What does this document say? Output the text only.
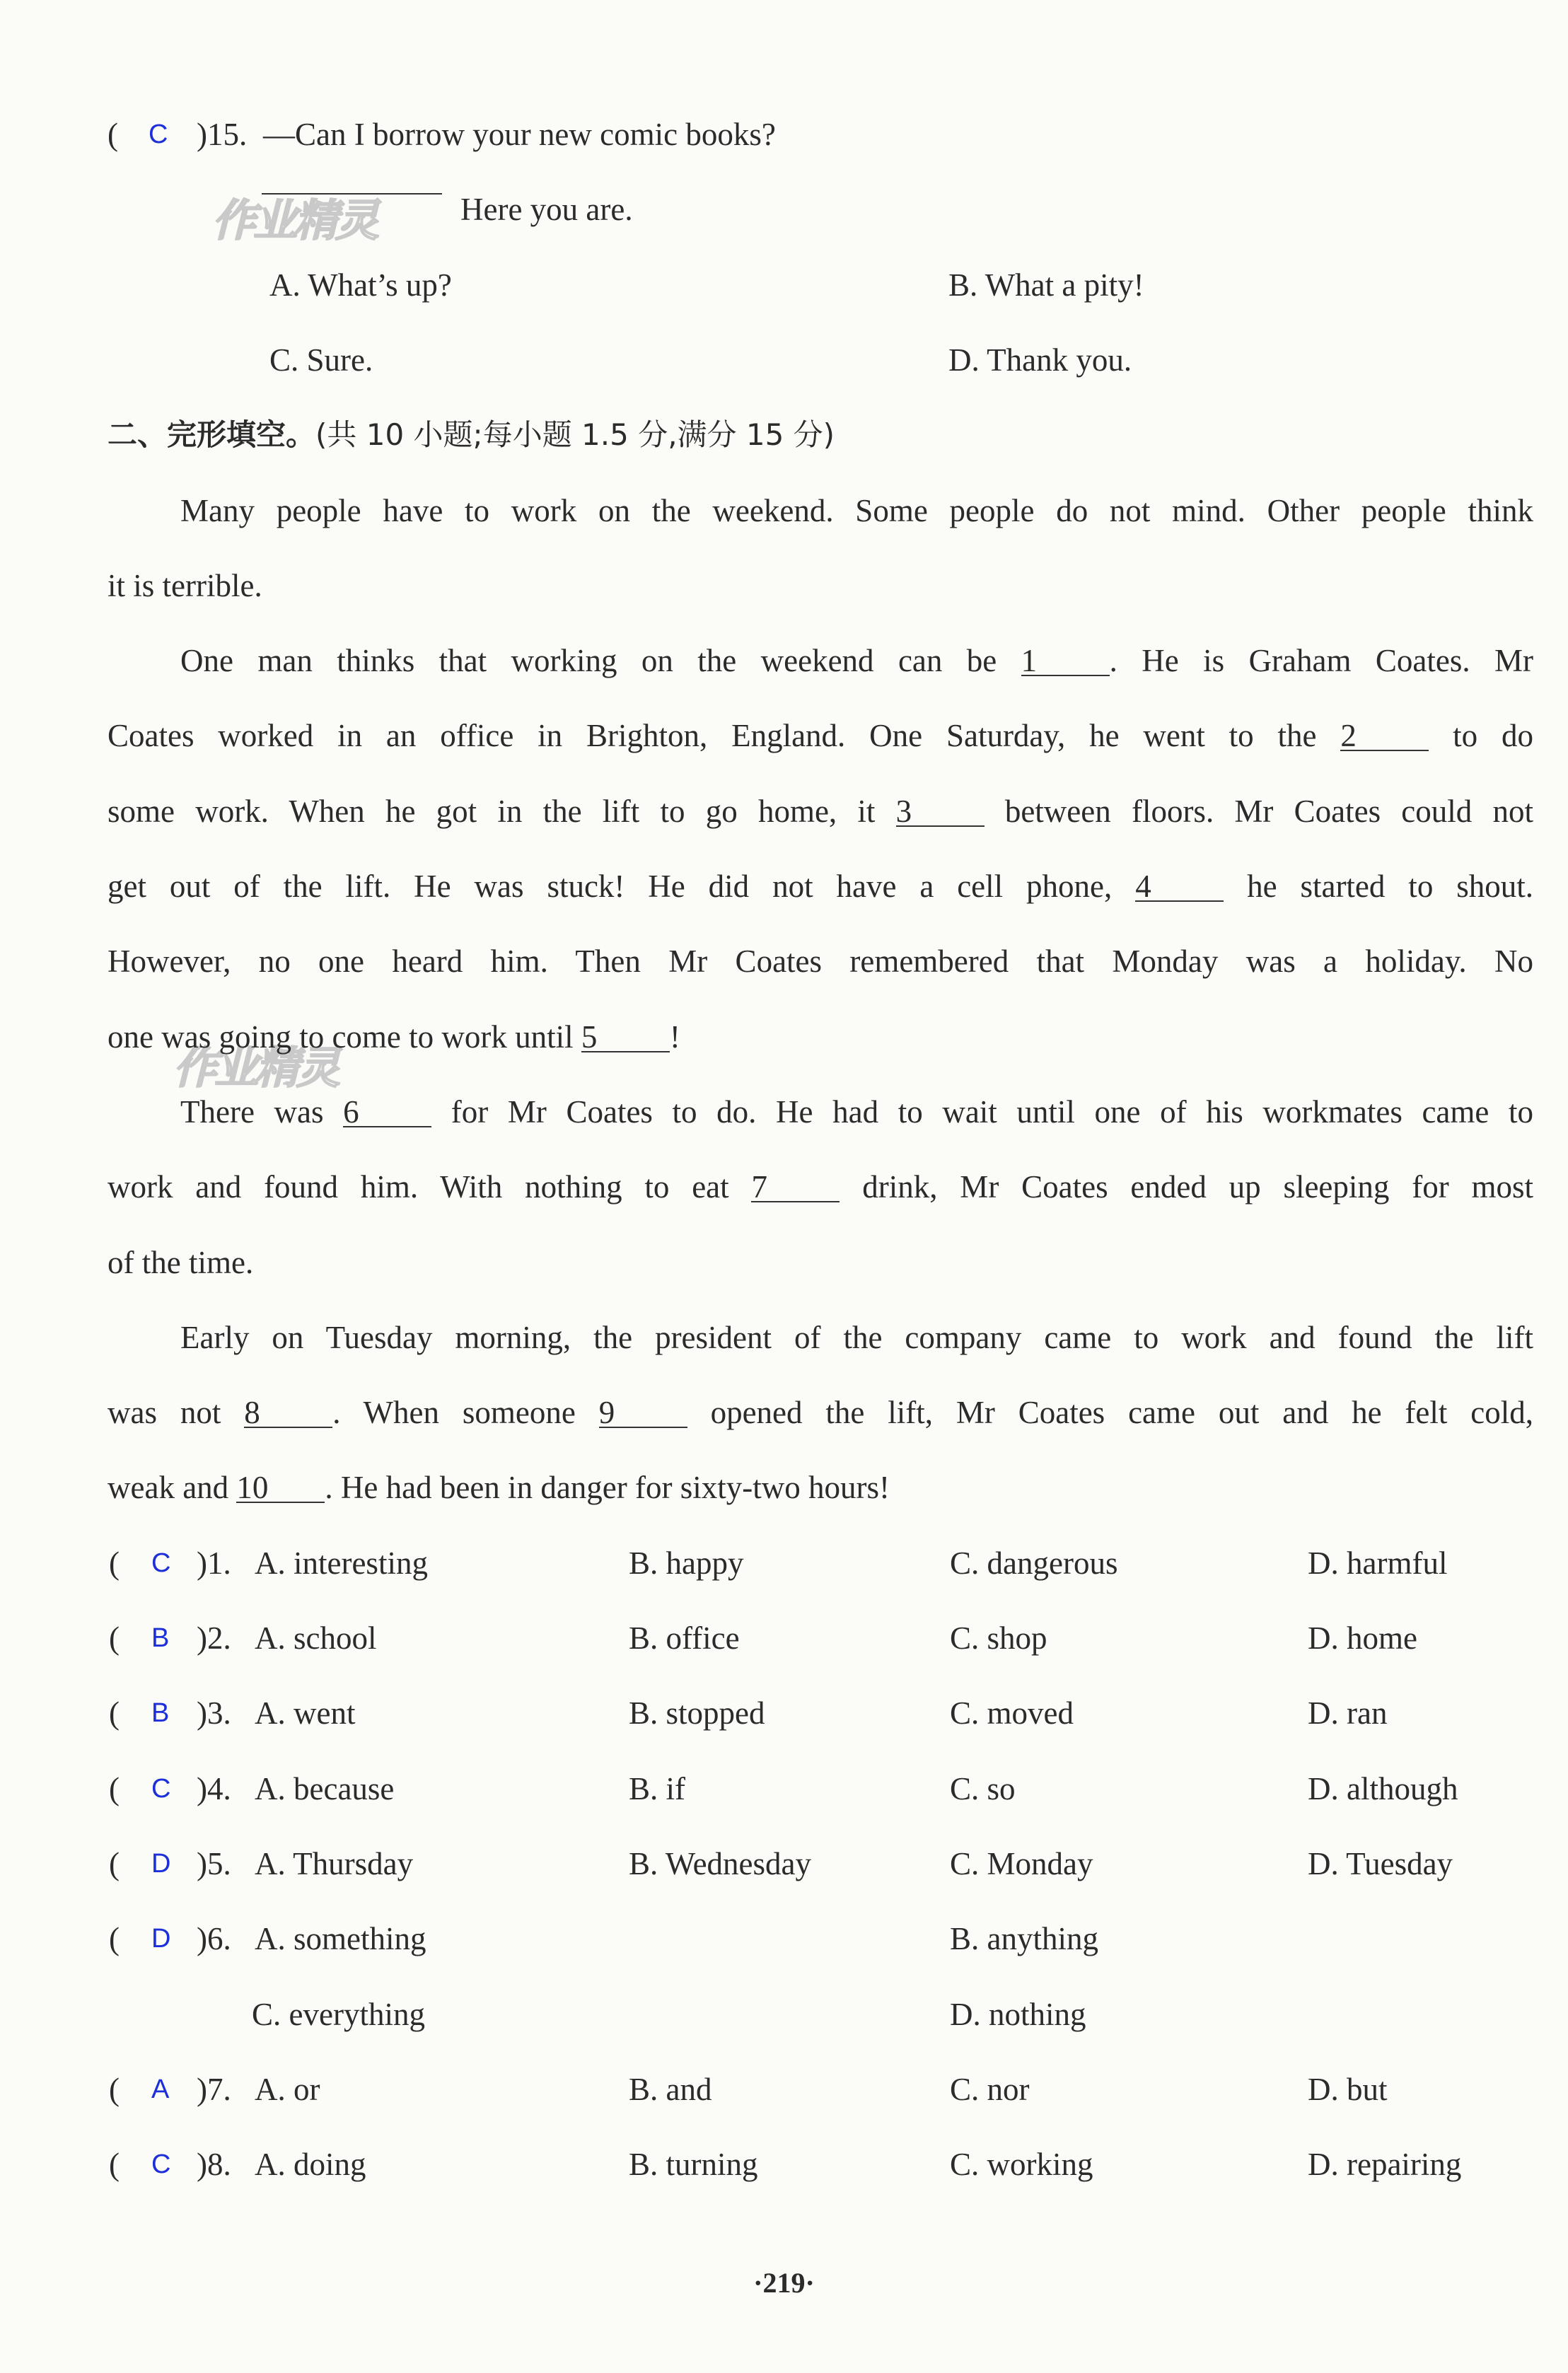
作业精灵
作业精灵
( C )15. —Can I borrow your new comic books?
Here you are.
A. What’s up?	B. What a pity!
C. Sure.	D. Thank you.
二、完形填空。(共 10 小题;每小题 1.5 分,满分 15 分)
Many people have to work on the weekend. Some people do not mind. Other people think
it is terrible.
One man thinks that working on the weekend can be 1 . He is Graham Coates. Mr
Coates worked in an office in Brighton, England. One Saturday, he went to the 2 to do
some work. When he got in the lift to go home, it 3 between floors. Mr Coates could not
get out of the lift. He was stuck! He did not have a cell phone, 4 he started to shout.
However, no one heard him. Then Mr Coates remembered that Monday was a holiday. No
one was going to come to work until 5 !
There was 6 for Mr Coates to do. He had to wait until one of his workmates came to
work and found him. With nothing to eat 7 drink, Mr Coates ended up sleeping for most
of the time.
Early on Tuesday morning, the president of the company came to work and found the lift
was not 8 . When someone 9 opened the lift, Mr Coates came out and he felt cold,
weak and 10 . He had been in danger for sixty-two hours!
( C )1. A. interesting	B. happy	C. dangerous	D. harmful
( B )2. A. school	B. office	C. shop	D. home
( B )3. A. went	B. stopped	C. moved	D. ran
( C )4. A. because	B. if	C. so	D. although
( D )5. A. Thursday	B. Wednesday	C. Monday	D. Tuesday
( D )6. A. something	B. anything
C. everything	D. nothing
( A )7. A. or	B. and	C. nor	D. but
( C )8. A. doing	B. turning	C. working	D. repairing
·219·
